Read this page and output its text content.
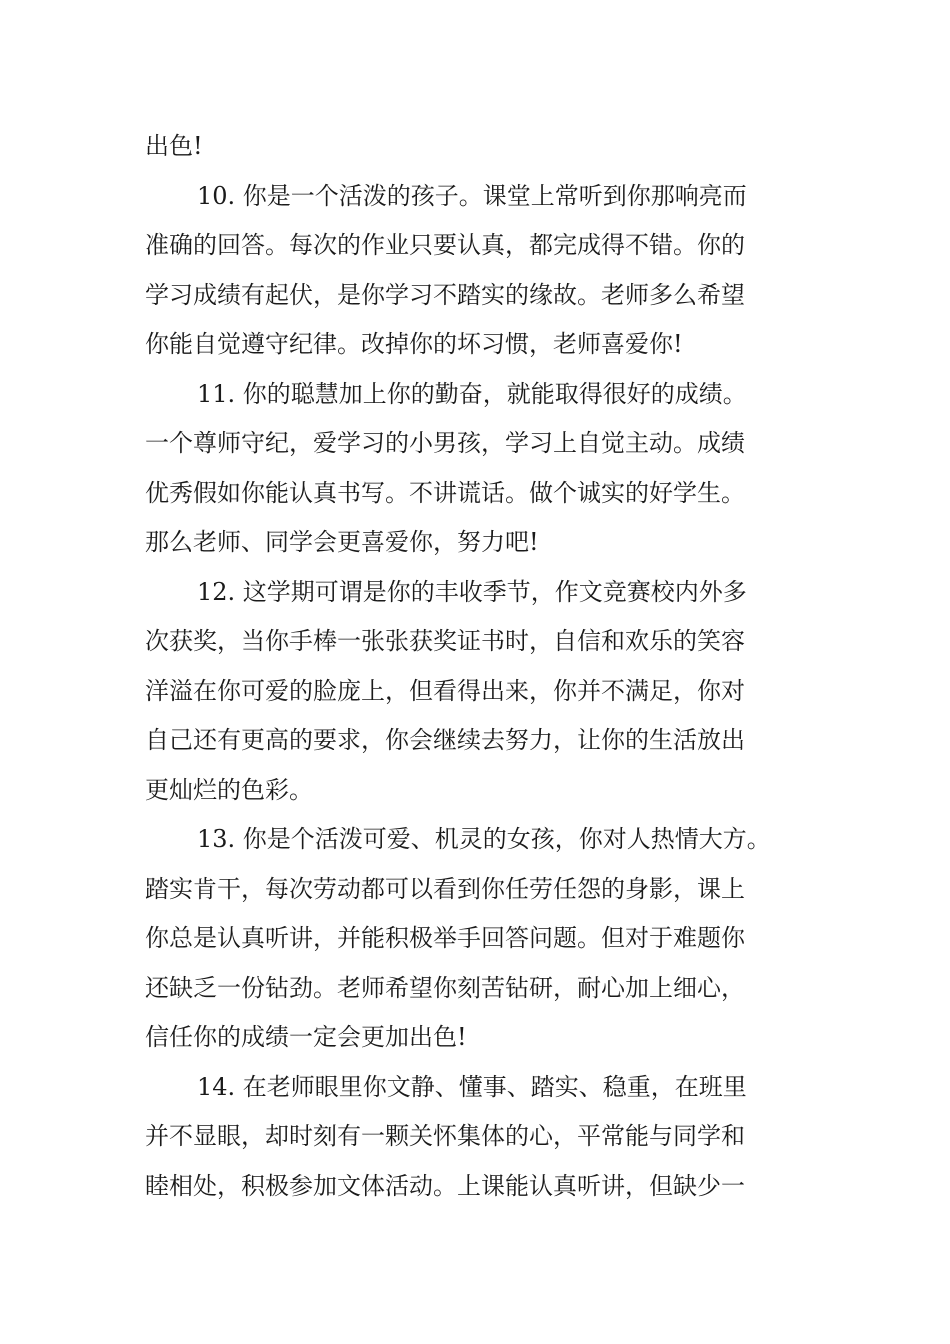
出色!
10. 你是一个活泼的孩子。课堂上常听到你那响亮而
准确的回答。每次的作业只要认真，都完成得不错。你的
学习成绩有起伏，是你学习不踏实的缘故。老师多么希望
你能自觉遵守纪律。改掉你的坏习惯，老师喜爱你!
11. 你的聪慧加上你的勤奋，就能取得很好的成绩。
一个尊师守纪，爱学习的小男孩，学习上自觉主动。成绩
优秀假如你能认真书写。不讲谎话。做个诚实的好学生。
那么老师、同学会更喜爱你，努力吧!
12. 这学期可谓是你的丰收季节，作文竞赛校内外多
次获奖，当你手棒一张张获奖证书时，自信和欢乐的笑容
洋溢在你可爱的脸庞上，但看得出来，你并不满足，你对
自己还有更高的要求，你会继续去努力，让你的生活放出
更灿烂的色彩。
13. 你是个活泼可爱、机灵的女孩，你对人热情大方。
踏实肯干，每次劳动都可以看到你任劳任怨的身影，课上
你总是认真听讲，并能积极举手回答问题。但对于难题你
还缺乏一份钻劲。老师希望你刻苦钻研，耐心加上细心，
信任你的成绩一定会更加出色!
14. 在老师眼里你文静、懂事、踏实、稳重，在班里
并不显眼，却时刻有一颗关怀集体的心，平常能与同学和
睦相处，积极参加文体活动。上课能认真听讲，但缺少一
